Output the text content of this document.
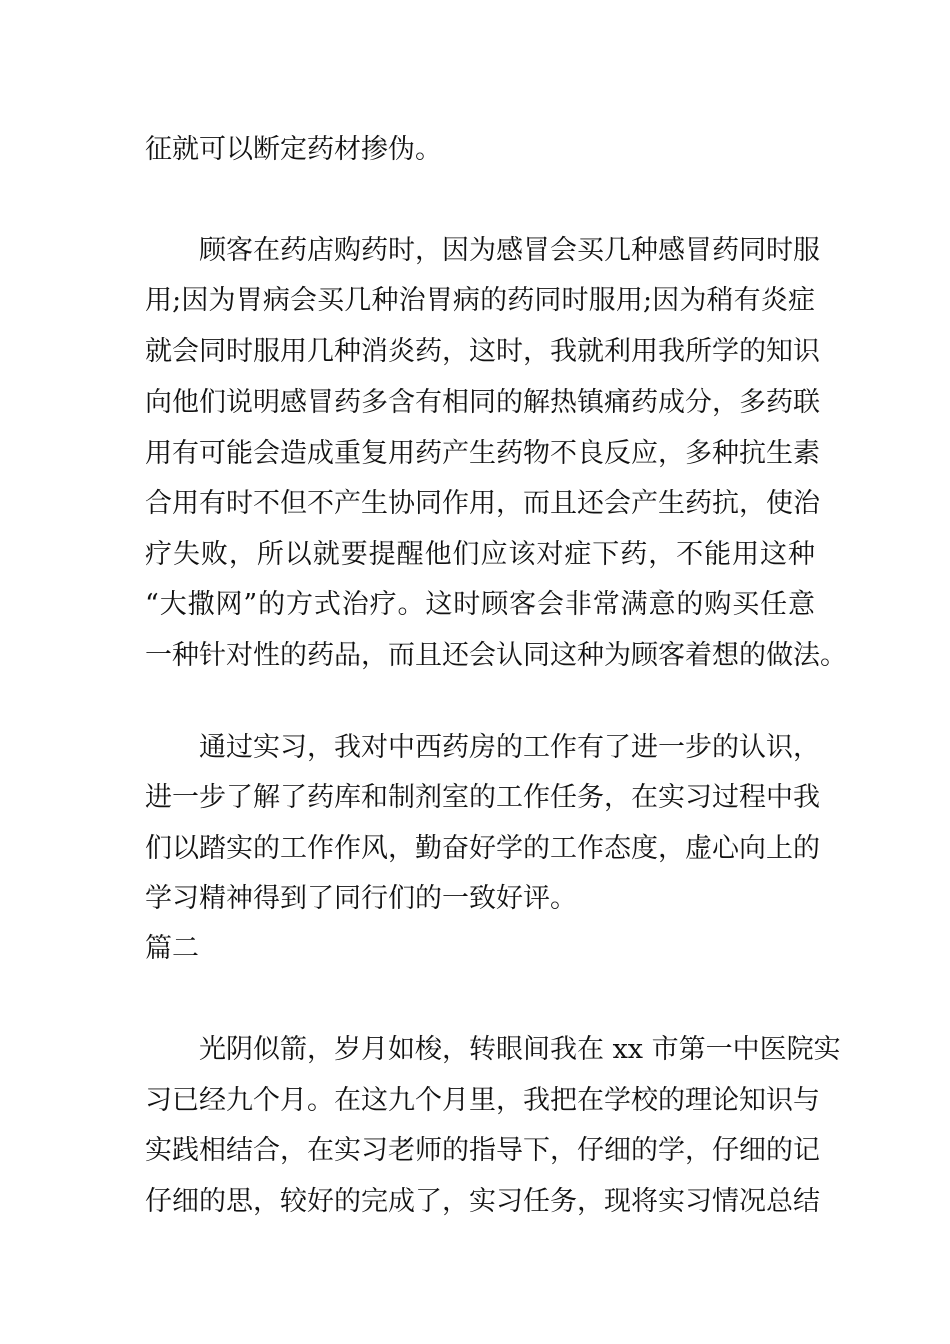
征就可以断定药材掺伪。
顾客在药店购药时，因为感冒会买几种感冒药同时服
用;因为胃病会买几种治胃病的药同时服用;因为稍有炎症
就会同时服用几种消炎药，这时，我就利用我所学的知识
向他们说明感冒药多含有相同的解热镇痛药成分，多药联
用有可能会造成重复用药产生药物不良反应，多种抗生素
合用有时不但不产生协同作用，而且还会产生药抗，使治
疗失败，所以就要提醒他们应该对症下药，不能用这种
“大撒网”的方式治疗。这时顾客会非常满意的购买任意
一种针对性的药品，而且还会认同这种为顾客着想的做法。
通过实习，我对中西药房的工作有了进一步的认识，
进一步了解了药库和制剂室的工作任务，在实习过程中我
们以踏实的工作作风，勤奋好学的工作态度，虚心向上的
学习精神得到了同行们的一致好评。
篇二
光阴似箭，岁月如梭，转眼间我在 xx 市第一中医院实
习已经九个月。在这九个月里，我把在学校的理论知识与
实践相结合，在实习老师的指导下，仔细的学，仔细的记
仔细的思，较好的完成了，实习任务，现将实习情况总结
